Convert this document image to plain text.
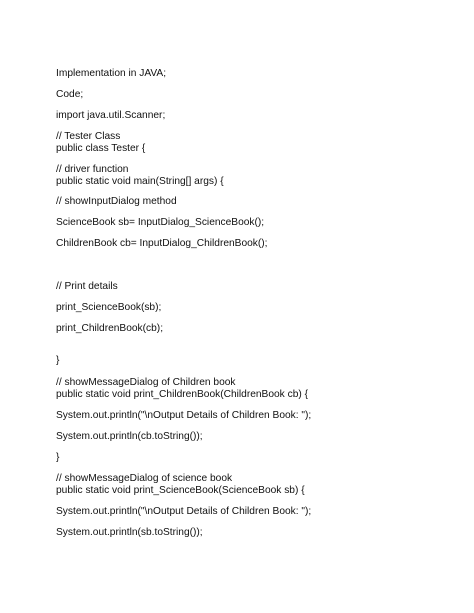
Implementation in JAVA;

Code;

import java.util.Scanner;

// Tester Class

public class Tester {

// driver function

public static void main(String[] args) {

// showInputDialog method

ScienceBook sb= InputDialog_ScienceBook();

ChildrenBook cb= InputDialog_ChildrenBook();

// Print details

print_ScienceBook(sb);

print_ChildrenBook(cb);

}

// showMessageDialog of Children book

public static void print_ChildrenBook(ChildrenBook cb) {

System.out.println("\nOutput Details of Children Book: ");

System.out.println(cb.toString());

}

// showMessageDialog of science book

public static void print_ScienceBook(ScienceBook sb) {

System.out.println("\nOutput Details of Children Book: ");

System.out.println(sb.toString());
